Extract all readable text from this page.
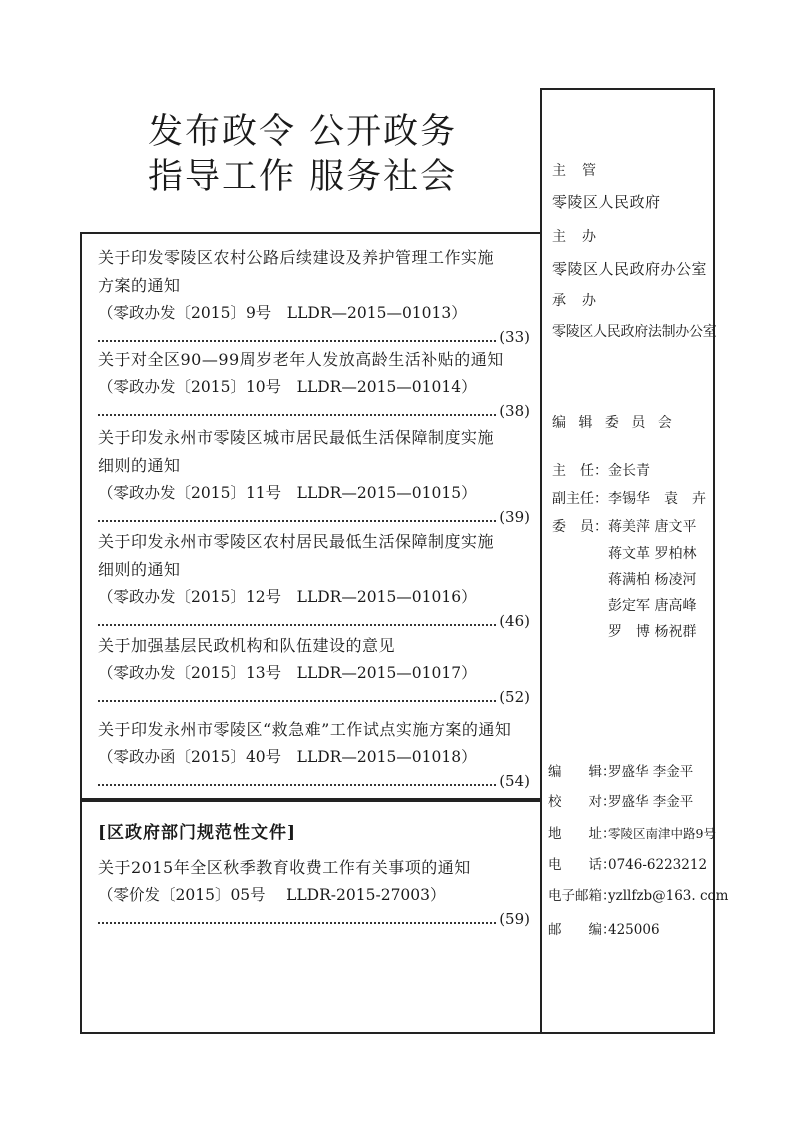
发布政令 公开政务
指导工作 服务社会
关于印发零陵区农村公路后续建设及养护管理工作实施
方案的通知
（零政办发〔2015〕9号　LLDR—2015—01013）
(33)
关于对全区90—99周岁老年人发放高龄生活补贴的通知
（零政办发〔2015〕10号　LLDR—2015—01014）
(38)
关于印发永州市零陵区城市居民最低生活保障制度实施
细则的通知
（零政办发〔2015〕11号　LLDR—2015—01015）
(39)
关于印发永州市零陵区农村居民最低生活保障制度实施
细则的通知
（零政办发〔2015〕12号　LLDR—2015—01016）
(46)
关于加强基层民政机构和队伍建设的意见
（零政办发〔2015〕13号　LLDR—2015—01017）
(52)
关于印发永州市零陵区“救急难”工作试点实施方案的通知
（零政办函〔2015〕40号　LLDR—2015—01018）
(54)
[区政府部门规范性文件]
关于2015年全区秋季教育收费工作有关事项的通知
（零价发〔2015〕05号　 LLDR-2015-27003）
(59)
主　管
零陵区人民政府
主　办
零陵区人民政府办公室
承　办
零陵区人民政府法制办公室
编 辑 委 员 会
主　任：金长青
副主任：李锡华　袁　卉
委　员： 蒋美萍 唐文平
蒋文革 罗柏林
蒋满柏 杨凌河
彭定军 唐高峰
罗　博 杨祝群
编　　辑：罗盛华 李金平
校　　对：罗盛华 李金平
地　　址：零陵区南津中路9号
电　　话：0746-6223212
电子邮箱：yzllfzb@163. com
邮　　编：425006
